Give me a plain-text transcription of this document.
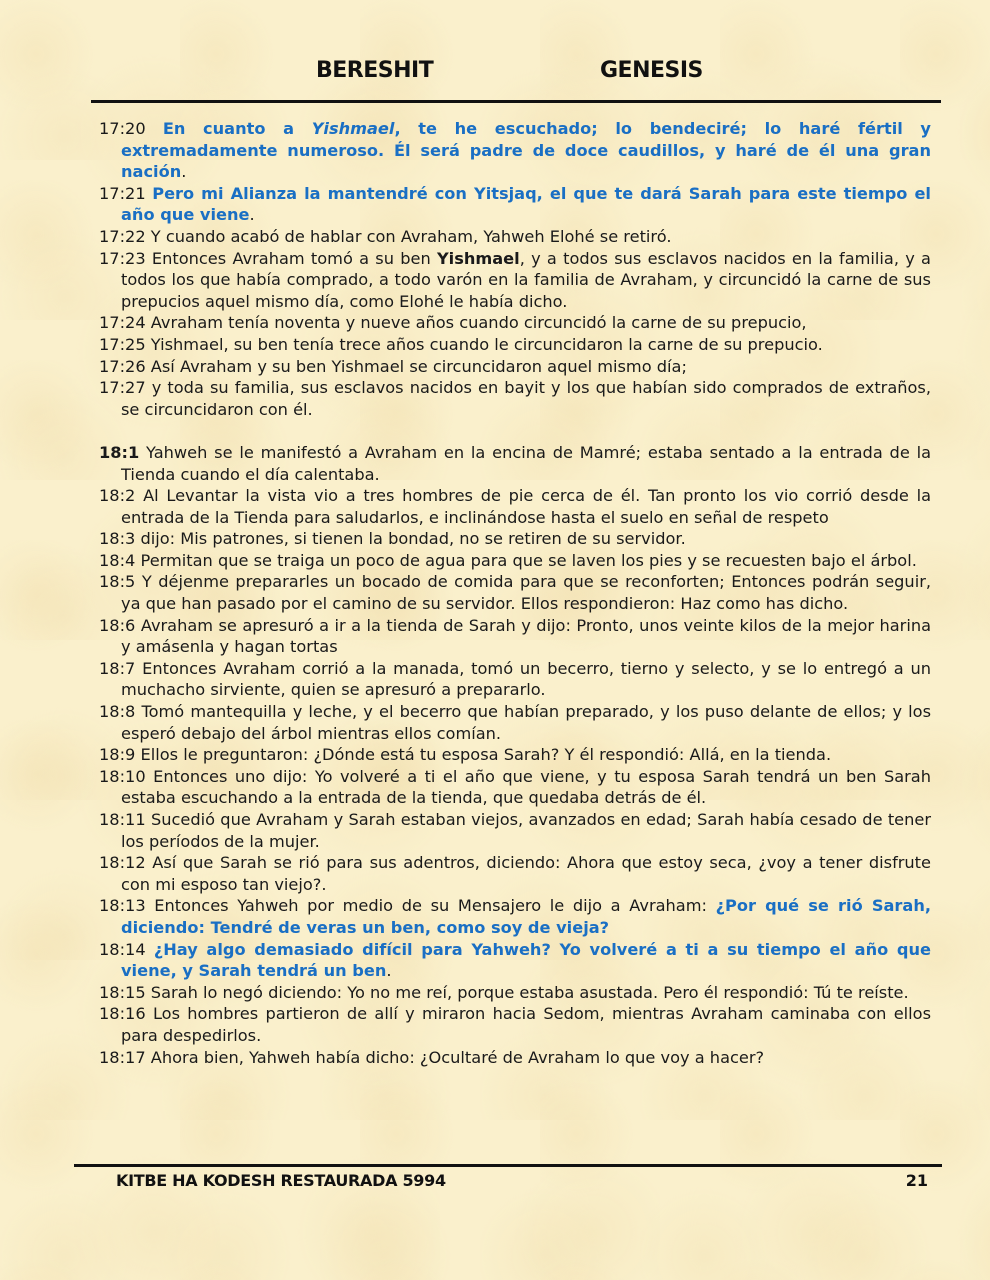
BERESHIT	GENESIS

17:20 En cuanto a Yishmael, te he escuchado; lo bendeciré; lo haré fértil y extremadamente numeroso. Él será padre de doce caudillos, y haré de él una gran nación.

17:21 Pero mi Alianza la mantendré con Yitsjaq, el que te dará Sarah para este tiempo el año que viene.

17:22 Y cuando acabó de hablar con Avraham, Yahweh Elohé se retiró.

17:23 Entonces Avraham tomó a su ben Yishmael, y a todos sus esclavos nacidos en la familia, y a todos los que había comprado, a todo varón en la familia de Avraham, y circuncidó la carne de sus prepucios aquel mismo día, como Elohé le había dicho.

17:24 Avraham tenía noventa y nueve años cuando circuncidó la carne de su prepucio,

17:25 Yishmael, su ben tenía trece años cuando le circuncidaron la carne de su prepucio.

17:26 Así Avraham y su ben Yishmael se circuncidaron aquel mismo día;

17:27 y toda su familia, sus esclavos nacidos en bayit y los que habían sido comprados de extraños, se circuncidaron con él.

18:1 Yahweh se le manifestó a Avraham en la encina de Mamré; estaba sentado a la entrada de la Tienda cuando el día calentaba.

18:2 Al Levantar la vista vio a tres hombres de pie cerca de él. Tan pronto los vio corrió desde la entrada de la Tienda para saludarlos, e inclinándose hasta el suelo en señal de respeto

18:3 dijo: Mis patrones, si tienen la bondad, no se retiren de su servidor.

18:4 Permitan que se traiga un poco de agua para que se laven los pies y se recuesten bajo el árbol.

18:5 Y déjenme prepararles un bocado de comida para que se reconforten; Entonces podrán seguir, ya que han pasado por el camino de su servidor. Ellos respondieron: Haz como has dicho.

18:6 Avraham se apresuró a ir a la tienda de Sarah y dijo: Pronto, unos veinte kilos de la mejor harina y amásenla y hagan tortas

18:7 Entonces Avraham corrió a la manada, tomó un becerro, tierno y selecto, y se lo entregó a un muchacho sirviente, quien se apresuró a prepararlo.

18:8 Tomó mantequilla y leche, y el becerro que habían preparado, y los puso delante de ellos; y los esperó debajo del árbol mientras ellos comían.

18:9 Ellos le preguntaron: ¿Dónde está tu esposa Sarah? Y él respondió: Allá, en la tienda.

18:10 Entonces uno dijo: Yo volveré a ti el año que viene, y tu esposa Sarah tendrá un ben Sarah estaba escuchando a la entrada de la tienda, que quedaba detrás de él.

18:11 Sucedió que Avraham y Sarah estaban viejos, avanzados en edad; Sarah había cesado de tener los períodos de la mujer.

18:12 Así que Sarah se rió para sus adentros, diciendo: Ahora que estoy seca, ¿voy a tener disfrute con mi esposo tan viejo?.

18:13 Entonces Yahweh por medio de su Mensajero le dijo a Avraham: ¿Por qué se rió Sarah, diciendo: Tendré de veras un ben, como soy de vieja?

18:14 ¿Hay algo demasiado difícil para Yahweh? Yo volveré a ti a su tiempo el año que viene, y Sarah tendrá un ben.

18:15 Sarah lo negó diciendo: Yo no me reí, porque estaba asustada. Pero él respondió: Tú te reíste.

18:16 Los hombres partieron de allí y miraron hacia Sedom, mientras Avraham caminaba con ellos para despedirlos.

18:17 Ahora bien, Yahweh había dicho: ¿Ocultaré de Avraham lo que voy a hacer?

KITBE HA KODESH RESTAURADA 5994	21
